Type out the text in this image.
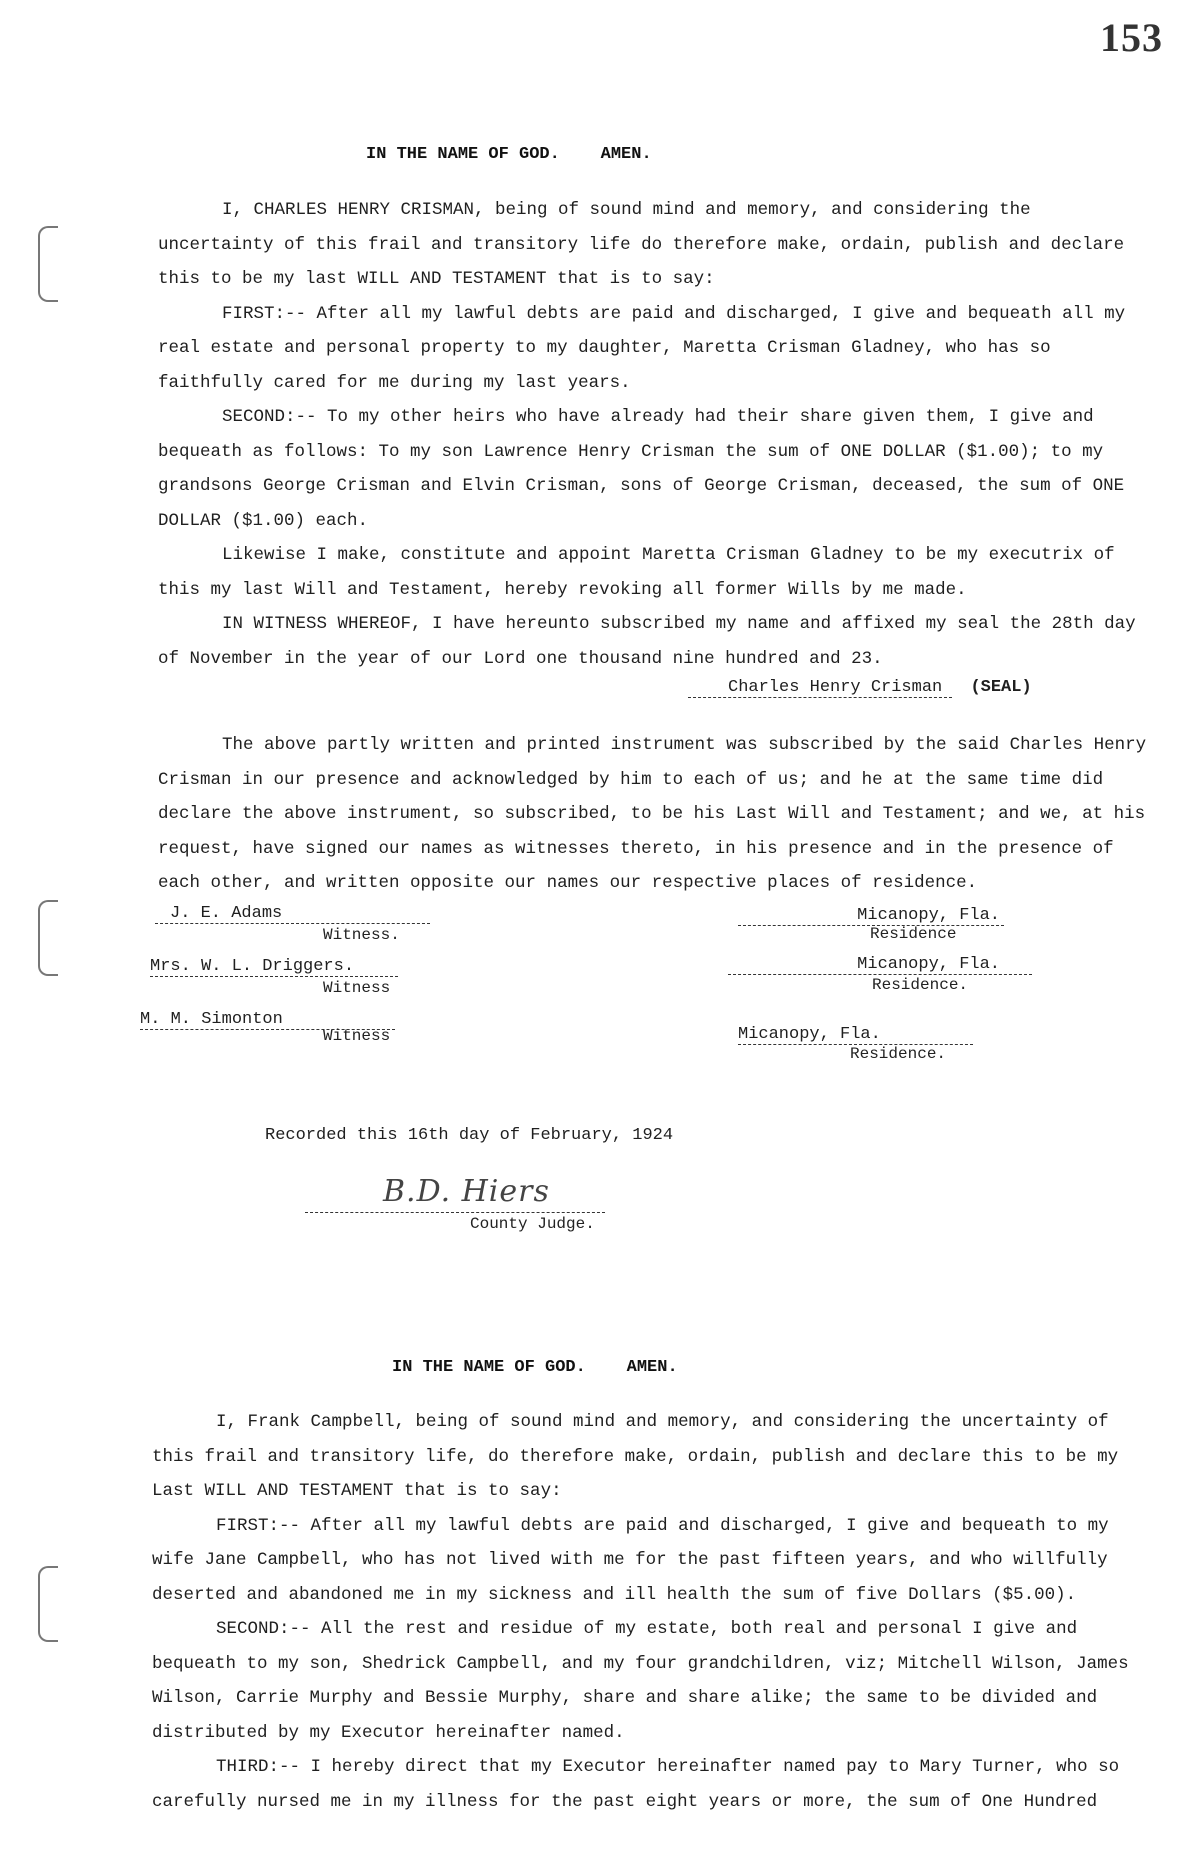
153
IN THE NAME OF GOD.    AMEN.

I, CHARLES HENRY CRISMAN, being of sound mind and memory, and considering the uncertainty of this frail and transitory life do therefore make, ordain, publish and declare this to be my last WILL AND TESTAMENT that is to say:

FIRST:-- After all my lawful debts are paid and discharged, I give and bequeath all my real estate and personal property to my daughter, Maretta Crisman Gladney, who has so faithfully cared for me during my last years.

SECOND:-- To my other heirs who have already had their share given them, I give and bequeath as follows: To my son Lawrence Henry Crisman the sum of ONE DOLLAR ($1.00); to my grandsons George Crisman and Elvin Crisman, sons of George Crisman, deceased, the sum of ONE DOLLAR ($1.00) each.

Likewise I make, constitute and appoint Maretta Crisman Gladney to be my executrix of this my last Will and Testament, hereby revoking all former Wills by me made.

IN WITNESS WHEREOF, I have hereunto subscribed my name and affixed my seal the 28th day of November in the year of our Lord one thousand nine hundred and 23.

Charles Henry Crisman (SEAL)

The above partly written and printed instrument was subscribed by the said Charles Henry Crisman in our presence and acknowledged by him to each of us; and he at the same time did declare the above instrument, so subscribed, to be his Last Will and Testament; and we, at his request, have signed our names as witnesses thereto, in his presence and in the presence of each other, and written opposite our names our respective places of residence.

J. E. Adams
Witness.
Mrs. W. L. Driggers.
Witness
M. M. Simonton
Witness
Micanopy, Fla.
Residence
Micanopy, Fla.
Residence.
Micanopy, Fla.
Residence.
Recorded this 16th day of February, 1924
B.D. Hiers
County Judge.
IN THE NAME OF GOD.    AMEN.

I, Frank Campbell, being of sound mind and memory, and considering the uncertainty of this frail and transitory life, do therefore make, ordain, publish and declare this to be my Last WILL AND TESTAMENT that is to say:

FIRST:-- After all my lawful debts are paid and discharged, I give and bequeath to my wife Jane Campbell, who has not lived with me for the past fifteen years, and who willfully deserted and abandoned me in my sickness and ill health the sum of five Dollars ($5.00).

SECOND:-- All the rest and residue of my estate, both real and personal I give and bequeath to my son, Shedrick Campbell, and my four grandchildren, viz; Mitchell Wilson, James Wilson, Carrie Murphy and Bessie Murphy, share and share alike; the same to be divided and distributed by my Executor hereinafter named.

THIRD:-- I hereby direct that my Executor hereinafter named pay to Mary Turner, who so carefully nursed me in my illness for the past eight years or more, the sum of One Hundred
